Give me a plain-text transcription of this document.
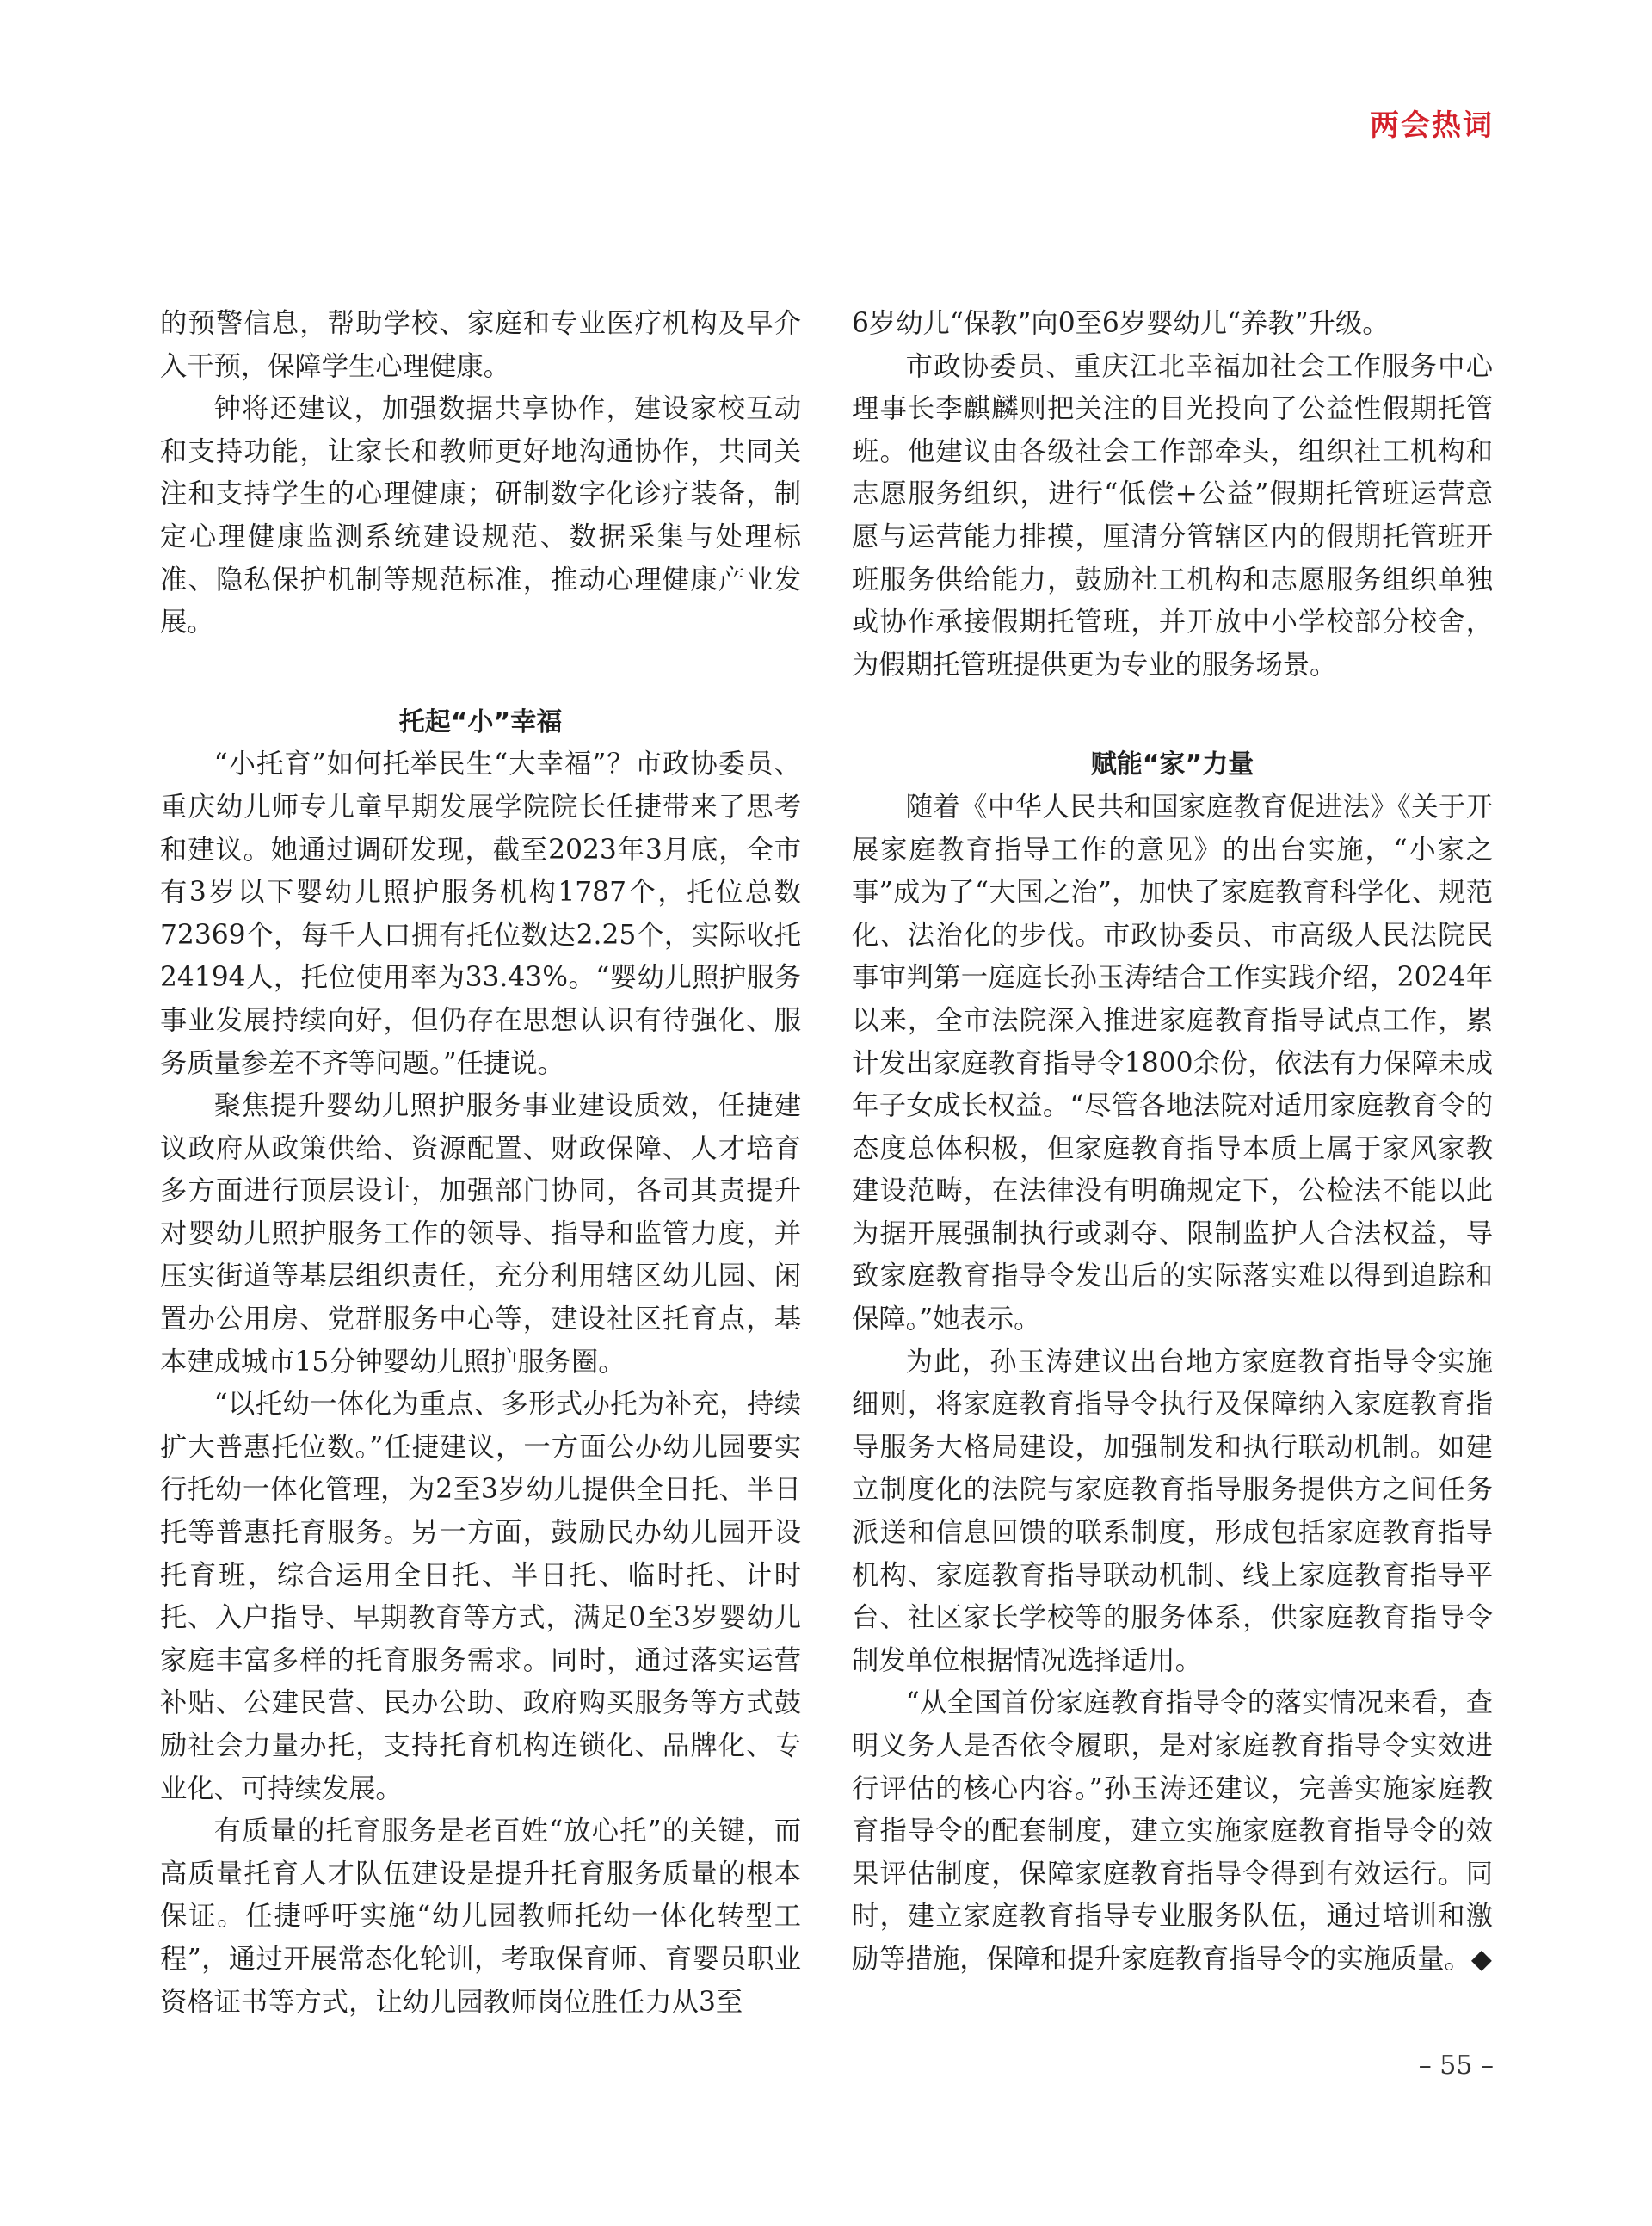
两会热词

的预警信息，帮助学校、家庭和专业医疗机构及早介入干预，保障学生心理健康。

钟将还建议，加强数据共享协作，建设家校互动和支持功能，让家长和教师更好地沟通协作，共同关注和支持学生的心理健康；研制数字化诊疗装备，制定心理健康监测系统建设规范、数据采集与处理标准、隐私保护机制等规范标准，推动心理健康产业发展。

托起“小”幸福

“小托育”如何托举民生“大幸福”？市政协委员、重庆幼儿师专儿童早期发展学院院长任捷带来了思考和建议。她通过调研发现，截至2023年3月底，全市有3岁以下婴幼儿照护服务机构1787个，托位总数72369个，每千人口拥有托位数达2.25个，实际收托24194人，托位使用率为33.43%。“婴幼儿照护服务事业发展持续向好，但仍存在思想认识有待强化、服务质量参差不齐等问题。”任捷说。

聚焦提升婴幼儿照护服务事业建设质效，任捷建议政府从政策供给、资源配置、财政保障、人才培育多方面进行顶层设计，加强部门协同，各司其责提升对婴幼儿照护服务工作的领导、指导和监管力度，并压实街道等基层组织责任，充分利用辖区幼儿园、闲置办公用房、党群服务中心等，建设社区托育点，基本建成城市15分钟婴幼儿照护服务圈。

“以托幼一体化为重点、多形式办托为补充，持续扩大普惠托位数。”任捷建议，一方面公办幼儿园要实行托幼一体化管理，为2至3岁幼儿提供全日托、半日托等普惠托育服务。另一方面，鼓励民办幼儿园开设托育班，综合运用全日托、半日托、临时托、计时托、入户指导、早期教育等方式，满足0至3岁婴幼儿家庭丰富多样的托育服务需求。同时，通过落实运营补贴、公建民营、民办公助、政府购买服务等方式鼓励社会力量办托，支持托育机构连锁化、品牌化、专业化、可持续发展。

有质量的托育服务是老百姓“放心托”的关键，而高质量托育人才队伍建设是提升托育服务质量的根本保证。任捷呼吁实施“幼儿园教师托幼一体化转型工程”，通过开展常态化轮训，考取保育师、育婴员职业资格证书等方式，让幼儿园教师岗位胜任力从3至

6岁幼儿“保教”向0至6岁婴幼儿“养教”升级。

市政协委员、重庆江北幸福加社会工作服务中心理事长李麒麟则把关注的目光投向了公益性假期托管班。他建议由各级社会工作部牵头，组织社工机构和志愿服务组织，进行“低偿+公益”假期托管班运营意愿与运营能力排摸，厘清分管辖区内的假期托管班开班服务供给能力，鼓励社工机构和志愿服务组织单独或协作承接假期托管班，并开放中小学校部分校舍，为假期托管班提供更为专业的服务场景。

赋能“家”力量

随着《中华人民共和国家庭教育促进法》《关于开展家庭教育指导工作的意见》的出台实施，“小家之事”成为了“大国之治”，加快了家庭教育科学化、规范化、法治化的步伐。市政协委员、市高级人民法院民事审判第一庭庭长孙玉涛结合工作实践介绍，2024年以来，全市法院深入推进家庭教育指导试点工作，累计发出家庭教育指导令1800余份，依法有力保障未成年子女成长权益。“尽管各地法院对适用家庭教育令的态度总体积极，但家庭教育指导本质上属于家风家教建设范畴，在法律没有明确规定下，公检法不能以此为据开展强制执行或剥夺、限制监护人合法权益，导致家庭教育指导令发出后的实际落实难以得到追踪和保障。”她表示。

为此，孙玉涛建议出台地方家庭教育指导令实施细则，将家庭教育指导令执行及保障纳入家庭教育指导服务大格局建设，加强制发和执行联动机制。如建立制度化的法院与家庭教育指导服务提供方之间任务派送和信息回馈的联系制度，形成包括家庭教育指导机构、家庭教育指导联动机制、线上家庭教育指导平台、社区家长学校等的服务体系，供家庭教育指导令制发单位根据情况选择适用。

“从全国首份家庭教育指导令的落实情况来看，查明义务人是否依令履职，是对家庭教育指导令实效进行评估的核心内容。”孙玉涛还建议，完善实施家庭教育指导令的配套制度，建立实施家庭教育指导令的效果评估制度，保障家庭教育指导令得到有效运行。同时，建立家庭教育指导专业服务队伍，通过培训和激励等措施，保障和提升家庭教育指导令的实施质量。◆

– 55 –
